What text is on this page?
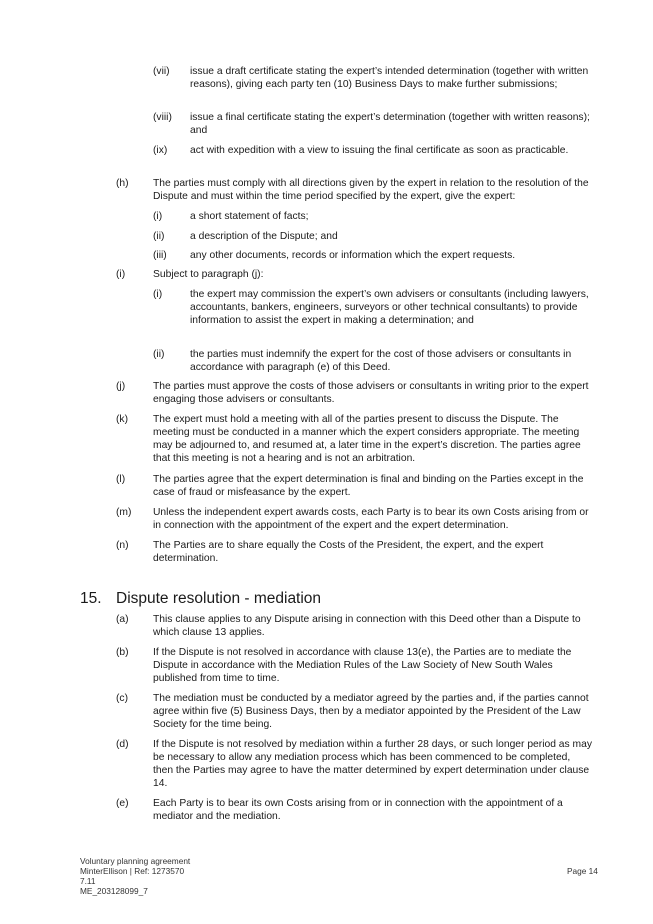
(vii)	issue a draft certificate stating the expert’s intended determination (together with written reasons), giving each party ten (10) Business Days to make further submissions;
(viii)	issue a final certificate stating the expert’s determination (together with written reasons); and
(ix)	act with expedition with a view to issuing the final certificate as soon as practicable.
(h)	The parties must comply with all directions given by the expert in relation to the resolution of the Dispute and must within the time period specified by the expert, give the expert:
(i)	a short statement of facts;
(ii)	a description of the Dispute; and
(iii)	any other documents, records or information which the expert requests.
(i)	Subject to paragraph (j):
(i)	the expert may commission the expert’s own advisers or consultants (including lawyers, accountants, bankers, engineers, surveyors or other technical consultants) to provide information to assist the expert in making a determination; and
(ii)	the parties must indemnify the expert for the cost of those advisers or consultants in accordance with paragraph (e) of this Deed.
(j)	The parties must approve the costs of those advisers or consultants in writing prior to the expert engaging those advisers or consultants.
(k)	The expert must hold a meeting with all of the parties present to discuss the Dispute. The meeting must be conducted in a manner which the expert considers appropriate. The meeting may be adjourned to, and resumed at, a later time in the expert’s discretion. The parties agree that this meeting is not a hearing and is not an arbitration.
(l)	The parties agree that the expert determination is final and binding on the Parties except in the case of fraud or misfeasance by the expert.
(m)	Unless the independent expert awards costs, each Party is to bear its own Costs arising from or in connection with the appointment of the expert and the expert determination.
(n)	The Parties are to share equally the Costs of the President, the expert, and the expert determination.
15. Dispute resolution - mediation
(a)	This clause applies to any Dispute arising in connection with this Deed other than a Dispute to which clause 13 applies.
(b)	If the Dispute is not resolved in accordance with clause 13(e), the Parties are to mediate the Dispute in accordance with the Mediation Rules of the Law Society of New South Wales published from time to time.
(c)	The mediation must be conducted by a mediator agreed by the parties and, if the parties cannot agree within five (5) Business Days, then by a mediator appointed by the President of the Law Society for the time being.
(d)	If the Dispute is not resolved by mediation within a further 28 days, or such longer period as may be necessary to allow any mediation process which has been commenced to be completed, then the Parties may agree to have the matter determined by expert determination under clause 14.
(e)	Each Party is to bear its own Costs arising from or in connection with the appointment of a mediator and the mediation.
Voluntary planning agreement
MinterEllison | Ref: 1273570
7.11
ME_203128099_7
Page 14
